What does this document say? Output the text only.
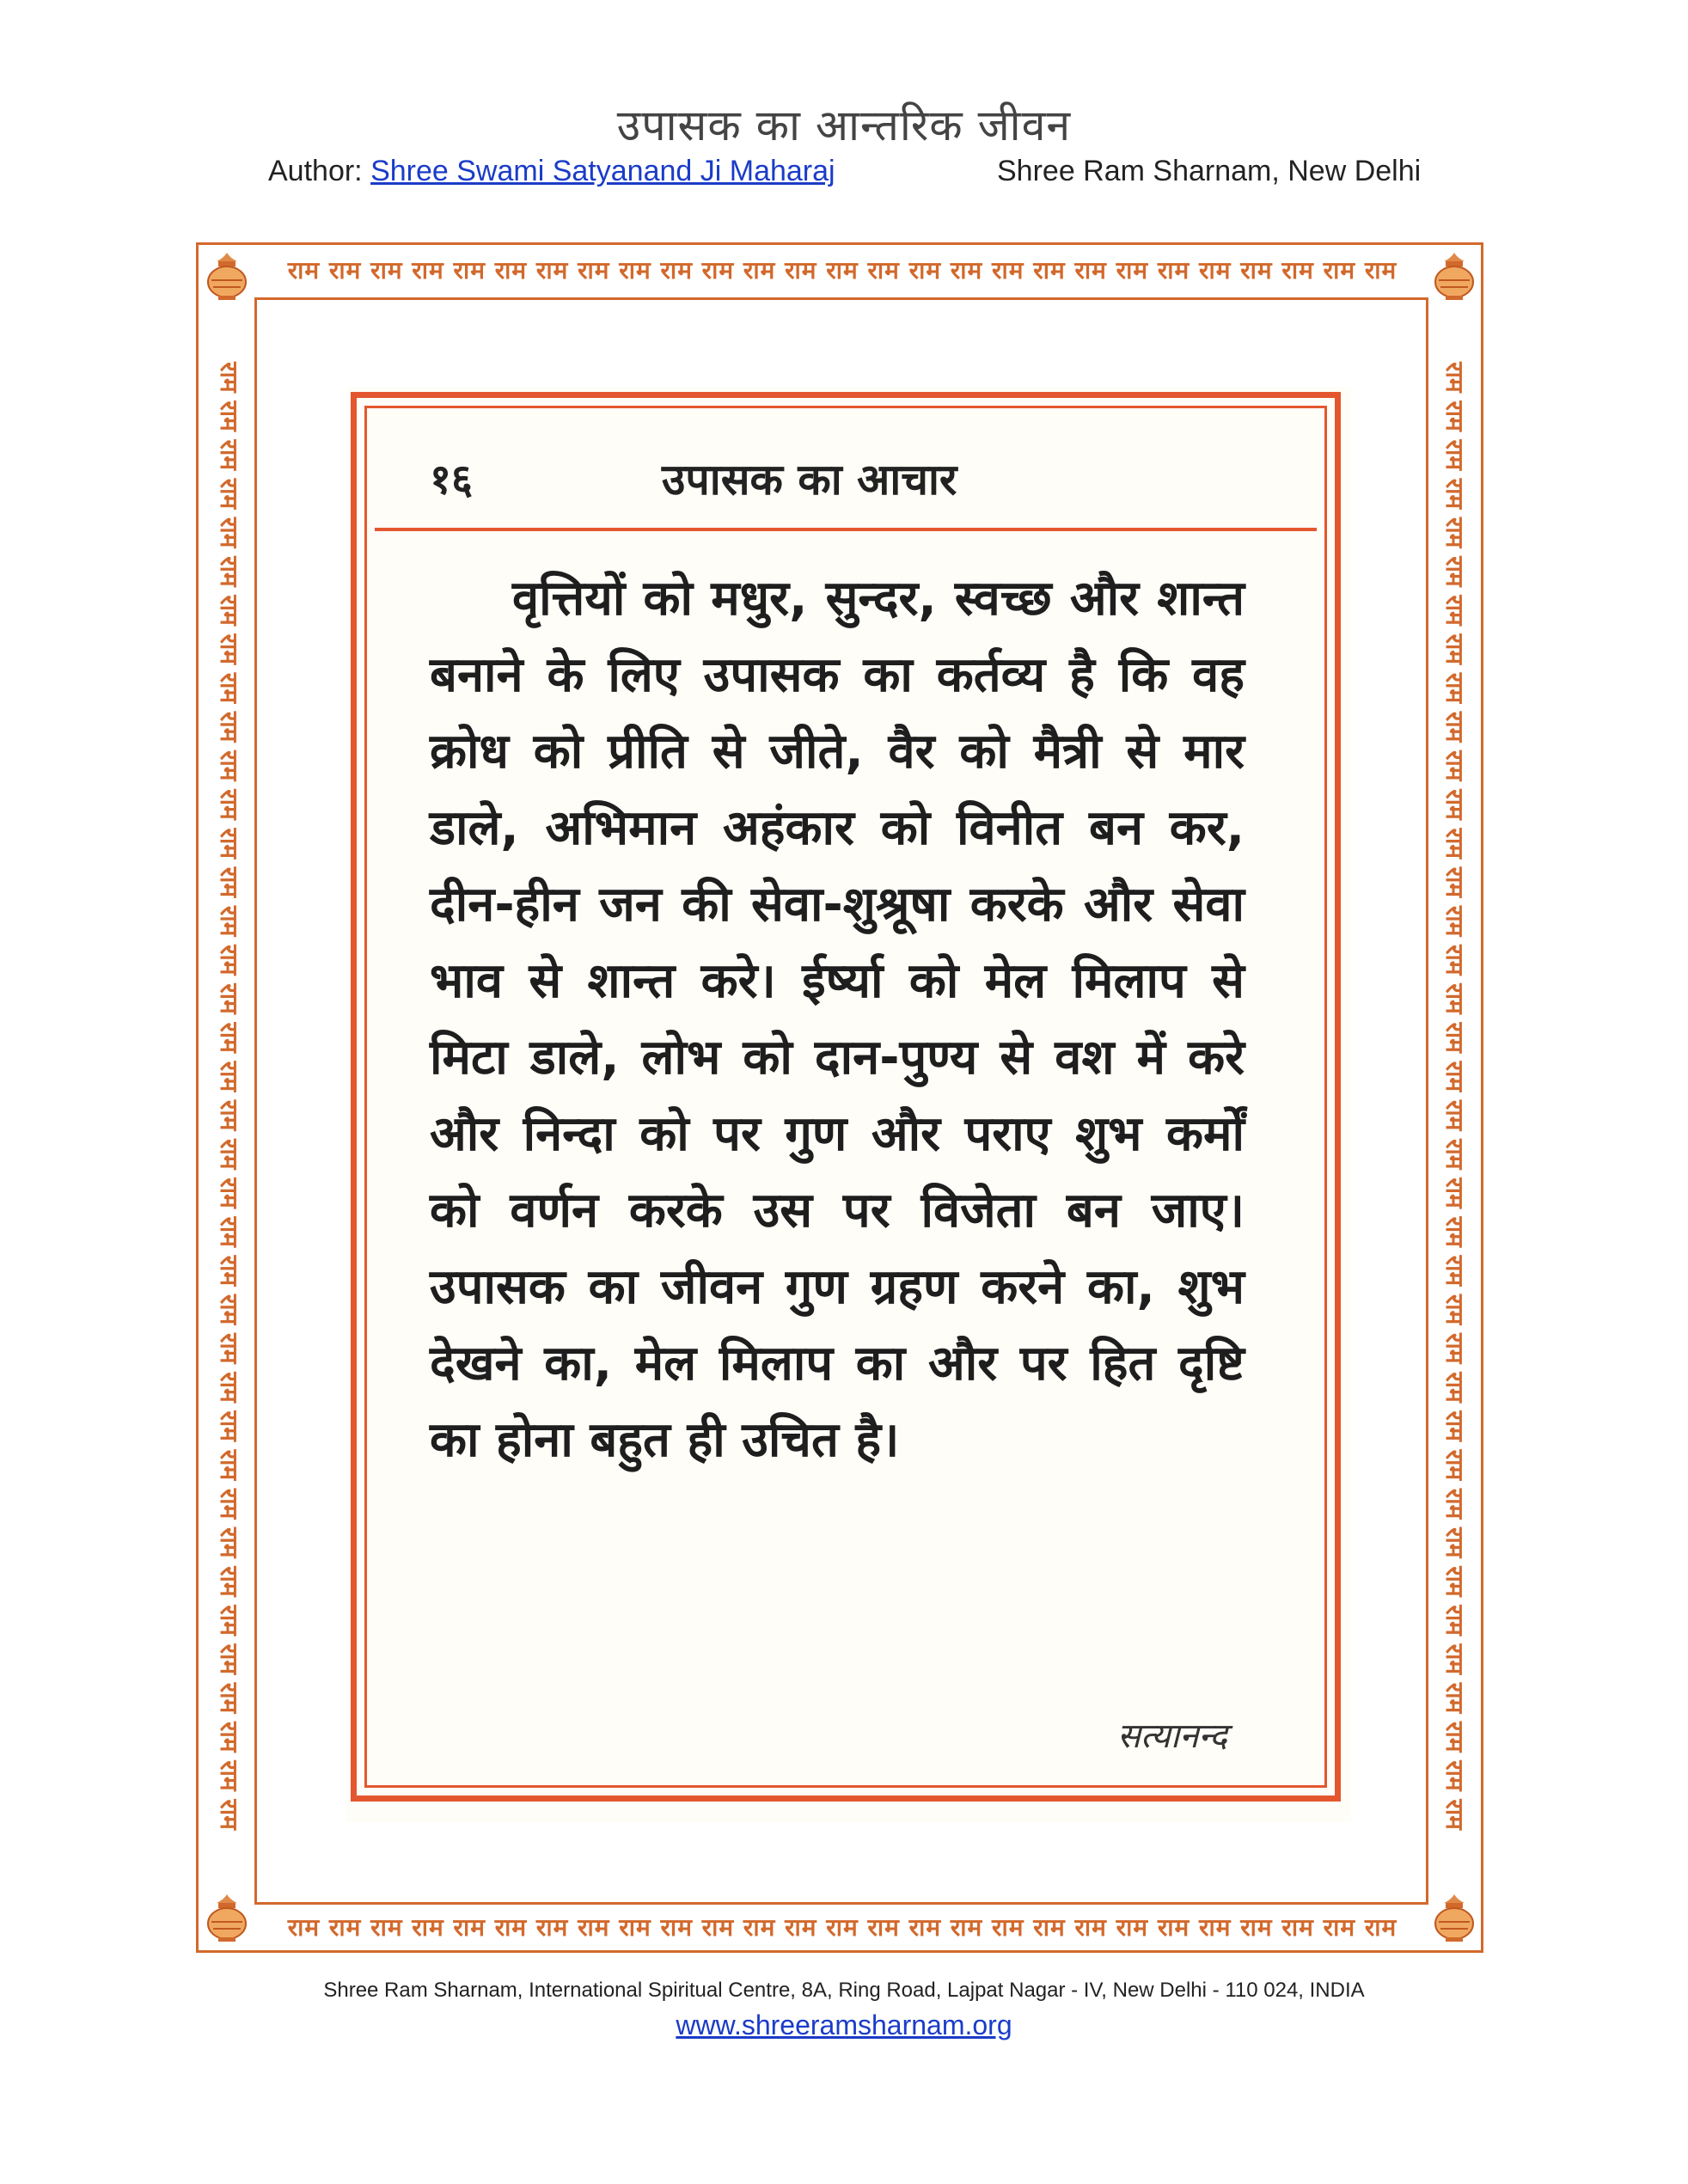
उपासक का आन्तरिक जीवन
Author: Shree Swami Satyanand Ji Maharaj	Shree Ram Sharnam, New Delhi
राम राम राम राम राम राम राम राम राम राम राम राम राम राम राम राम राम राम राम राम राम राम राम राम राम राम राम
राम राम राम राम राम राम राम राम राम राम राम राम राम राम राम राम राम राम राम राम राम राम राम राम राम राम राम
राम राम राम राम राम राम राम राम राम राम राम राम राम राम राम राम राम राम राम राम राम राम राम राम राम राम राम राम राम राम राम राम राम राम राम राम राम राम	राम राम राम राम राम राम राम राम राम राम राम राम राम राम राम राम राम राम राम राम राम राम राम राम राम राम राम राम राम राम राम राम राम राम राम राम राम राम
१६	उपासक का आचार
वृत्तियों को मधुर, सुन्दर, स्वच्छ और शान्त बनाने के लिए उपासक का कर्तव्य है कि वह क्रोध को प्रीति से जीते, वैर को मैत्री से मार डाले, अभिमान अहंकार को विनीत बन कर, दीन-हीन जन की सेवा-शुश्रूषा करके और सेवा भाव से शान्त करे। ईर्ष्या को मेल मिलाप से मिटा डाले, लोभ को दान-पुण्य से वश में करे और निन्दा को पर गुण और पराए शुभ कर्मों को वर्णन करके उस पर विजेता बन जाए। उपासक का जीवन गुण ग्रहण करने का, शुभ देखने का, मेल मिलाप का और पर हित दृष्टि का होना बहुत ही उचित है।
सत्यानन्द
Shree Ram Sharnam, International Spiritual Centre, 8A, Ring Road, Lajpat Nagar - IV, New Delhi - 110 024, INDIA
www.shreeramsharnam.org
